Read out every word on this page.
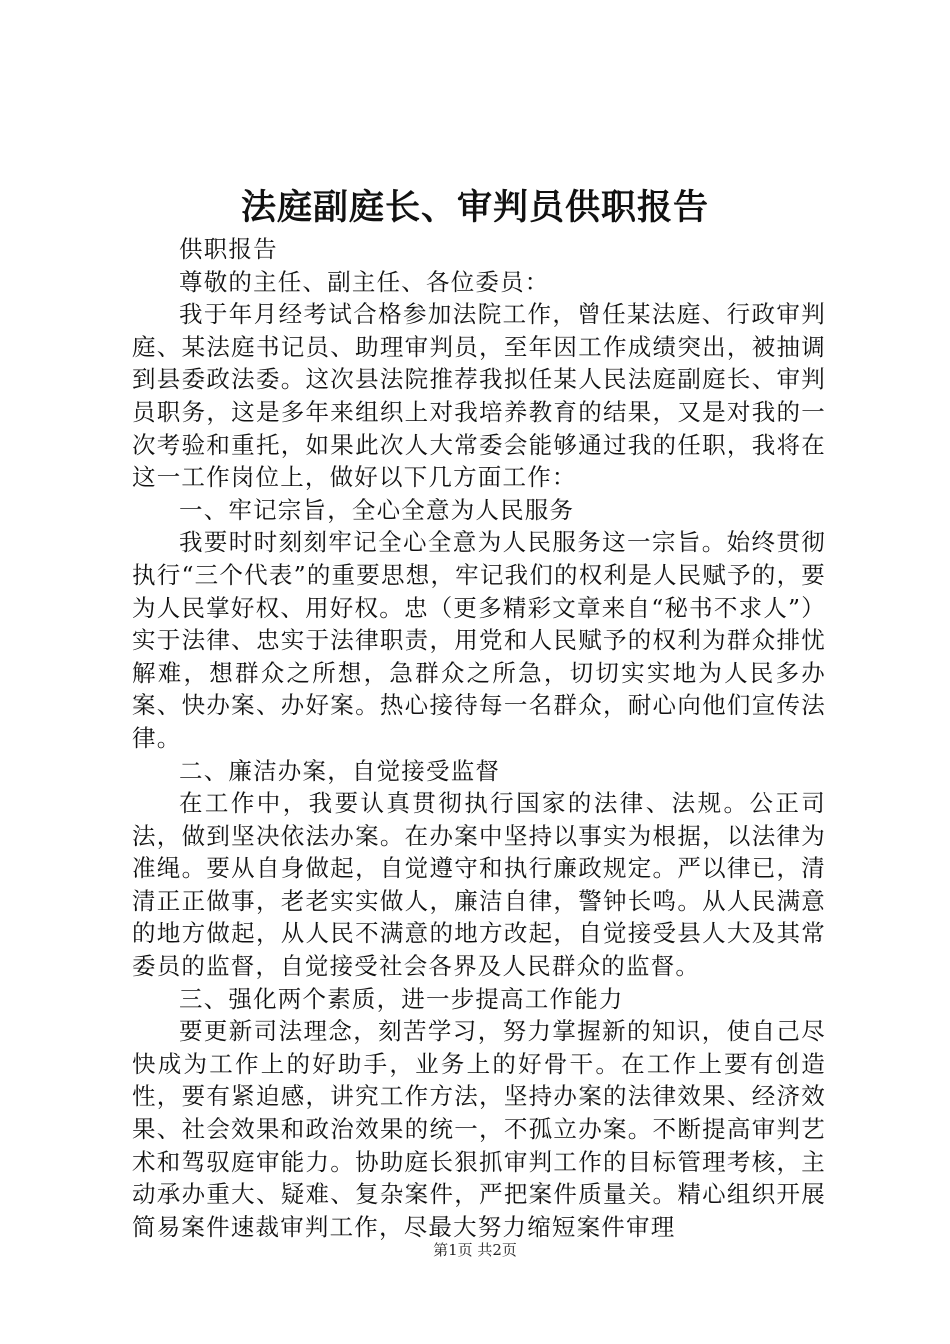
法庭副庭长、审判员供职报告

供职报告

尊敬的主任、副主任、各位委员：

我于年月经考试合格参加法院工作，曾任某法庭、行政审判庭、某法庭书记员、助理审判员，至年因工作成绩突出，被抽调到县委政法委。这次县法院推荐我拟任某人民法庭副庭长、审判员职务，这是多年来组织上对我培养教育的结果，又是对我的一次考验和重托，如果此次人大常委会能够通过我的任职，我将在这一工作岗位上，做好以下几方面工作：

一、牢记宗旨，全心全意为人民服务

我要时时刻刻牢记全心全意为人民服务这一宗旨。始终贯彻执行“三个代表”的重要思想，牢记我们的权利是人民赋予的，要为人民掌好权、用好权。忠（更多精彩文章来自“秘书不求人”）实于法律、忠实于法律职责，用党和人民赋予的权利为群众排忧解难，想群众之所想，急群众之所急，切切实实地为人民多办案、快办案、办好案。热心接待每一名群众，耐心向他们宣传法律。

二、廉洁办案，自觉接受监督

在工作中，我要认真贯彻执行国家的法律、法规。公正司法，做到坚决依法办案。在办案中坚持以事实为根据，以法律为准绳。要从自身做起，自觉遵守和执行廉政规定。严以律已，清清正正做事，老老实实做人，廉洁自律，警钟长鸣。从人民满意的地方做起，从人民不满意的地方改起，自觉接受县人大及其常委员的监督，自觉接受社会各界及人民群众的监督。

三、强化两个素质，进一步提高工作能力

要更新司法理念，刻苦学习，努力掌握新的知识，使自己尽快成为工作上的好助手，业务上的好骨干。在工作上要有创造性，要有紧迫感，讲究工作方法，坚持办案的法律效果、经济效果、社会效果和政治效果的统一，不孤立办案。不断提高审判艺术和驾驭庭审能力。协助庭长狠抓审判工作的目标管理考核，主动承办重大、疑难、复杂案件，严把案件质量关。精心组织开展简易案件速裁审判工作，尽最大努力缩短案件审理

第1页 共2页
